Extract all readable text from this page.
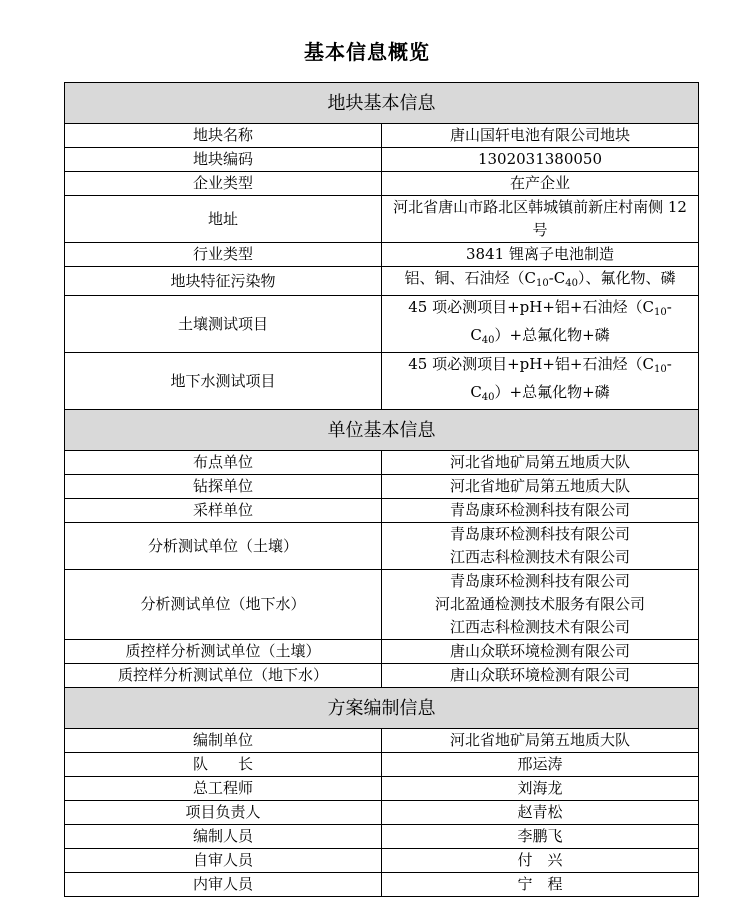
基本信息概览
地块基本信息	
地块名称	唐山国轩电池有限公司地块
地块编码	1302031380050
企业类型	在产企业
地址	河北省唐山市路北区韩城镇前新庄村南侧 12 号
行业类型	3841 锂离子电池制造
地块特征污染物	铝、铜、石油烃$(C_{10}-C_{40})$、氟化物、磷
土壤测试项目	45 项必测项目+pH+铝+石油烃$(C_{10}-C_{40})+$总氟化物+磷
地下水测试项目	45 项必测项目+pH+铝+石油烃$(C_{10}-C_{40})+$总氟化物+磷
单位基本信息	
布点单位	河北省地矿局第五地质大队
钻探单位	河北省地矿局第五地质大队
采样单位	青岛康环检测科技有限公司
分析测试单位（土壤）	青岛康环检测科技有限公司
江西志科检测技术有限公司

分析测试单位（地下水）	青岛康环检测科技有限公司
河北盈通检测技术服务有限公司
江西志科检测技术有限公司

质控样分析测试单位（土壤）	唐山众联环境检测有限公司
质控样分析测试单位（地下水）	唐山众联环境检测有限公司
方案编制信息	
编制单位	河北省地矿局第五地质大队
队　　长	邢运涛
总工程师	刘海龙
项目负责人	赵青松
编制人员	李鹏飞
自审人员	付　兴
内审人员	宁　程
